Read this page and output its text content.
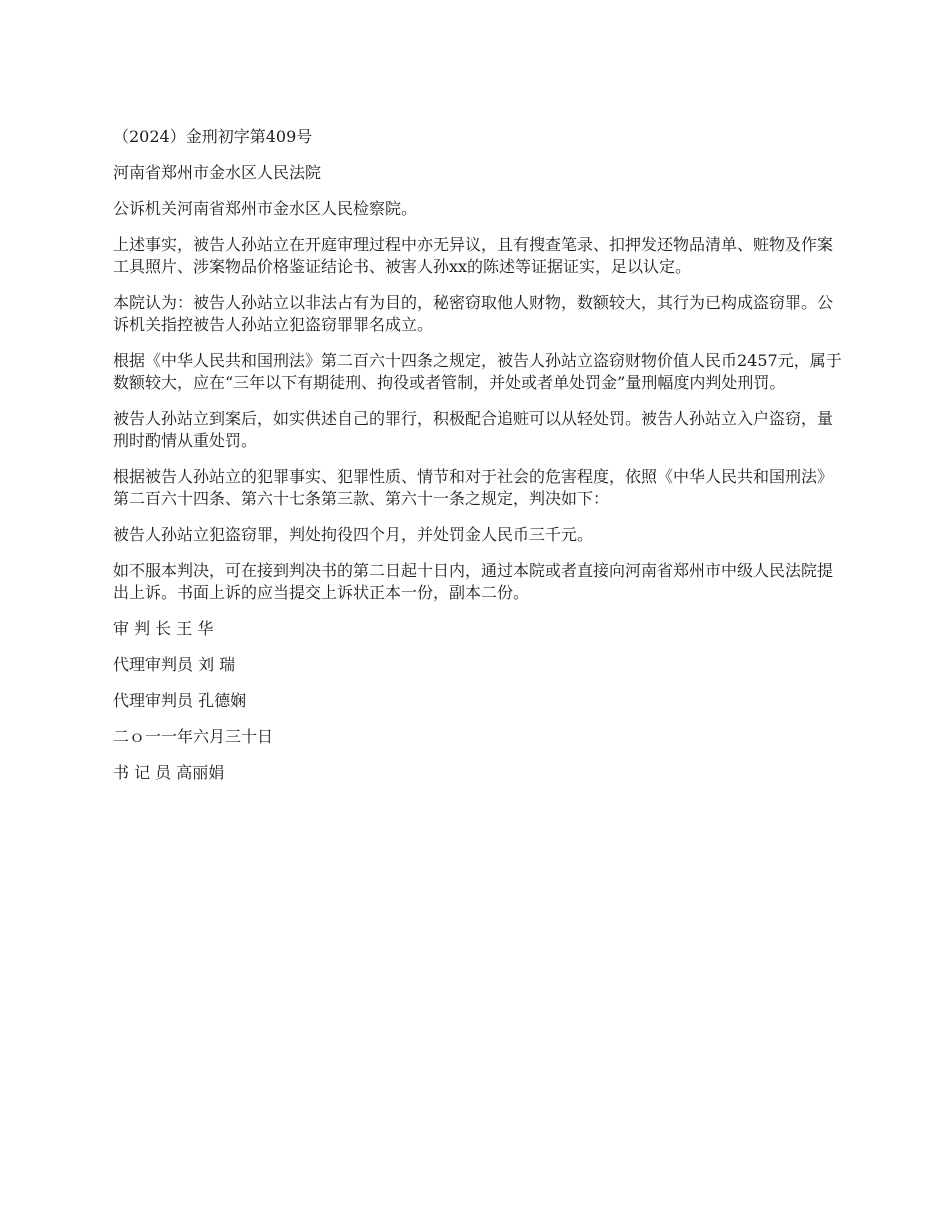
（2024）金刑初字第409号

河南省郑州市金水区人民法院

公诉机关河南省郑州市金水区人民检察院。

上述事实，被告人孙站立在开庭审理过程中亦无异议，且有搜查笔录、扣押发还物品清单、赃物及作案工具照片、涉案物品价格鉴证结论书、被害人孙xx的陈述等证据证实，足以认定。

本院认为：被告人孙站立以非法占有为目的，秘密窃取他人财物，数额较大，其行为已构成盗窃罪。公诉机关指控被告人孙站立犯盗窃罪罪名成立。

根据《中华人民共和国刑法》第二百六十四条之规定，被告人孙站立盗窃财物价值人民币2457元，属于数额较大，应在“三年以下有期徒刑、拘役或者管制，并处或者单处罚金”量刑幅度内判处刑罚。

被告人孙站立到案后，如实供述自己的罪行，积极配合追赃可以从轻处罚。被告人孙站立入户盗窃，量刑时酌情从重处罚。

根据被告人孙站立的犯罪事实、犯罪性质、情节和对于社会的危害程度，依照《中华人民共和国刑法》第二百六十四条、第六十七条第三款、第六十一条之规定，判决如下：

被告人孙站立犯盗窃罪，判处拘役四个月，并处罚金人民币三千元。

如不服本判决，可在接到判决书的第二日起十日内，通过本院或者直接向河南省郑州市中级人民法院提出上诉。书面上诉的应当提交上诉状正本一份，副本二份。

审 判 长 王 华

代理审判员 刘 瑞

代理审判员 孔德娴

二ｏ一一年六月三十日

书 记 员 高丽娟
